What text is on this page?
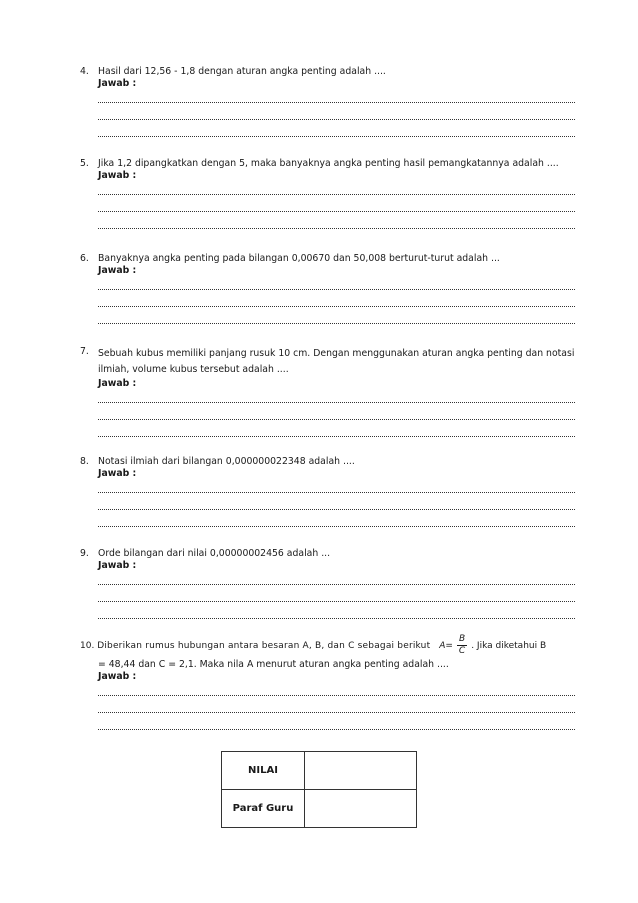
4. Hasil dari 12,56 - 1,8 dengan aturan angka penting adalah ....
Jawab :
5. Jika 1,2 dipangkatkan dengan 5, maka banyaknya angka penting hasil pemangkatannya adalah ....
Jawab :
6. Banyaknya angka penting pada bilangan 0,00670 dan 50,008 berturut-turut adalah ...
Jawab :
7. Sebuah kubus memiliki panjang rusuk 10 cm. Dengan menggunakan aturan angka penting dan notasi ilmiah, volume kubus tersebut adalah ....
Jawab :
8. Notasi ilmiah dari bilangan 0,000000022348 adalah ....
Jawab :
9. Orde bilangan dari nilai 0,00000002456 adalah ...
Jawab :
10. Diberikan rumus hubungan antara besaran A, B, dan C sebagai berikut $A= \frac{B}{C}$ . Jika diketahui B
= 48,44 dan C = 2,1. Maka nila A menurut aturan angka penting adalah ....
Jawab :
NILAI	
Paraf Guru	
